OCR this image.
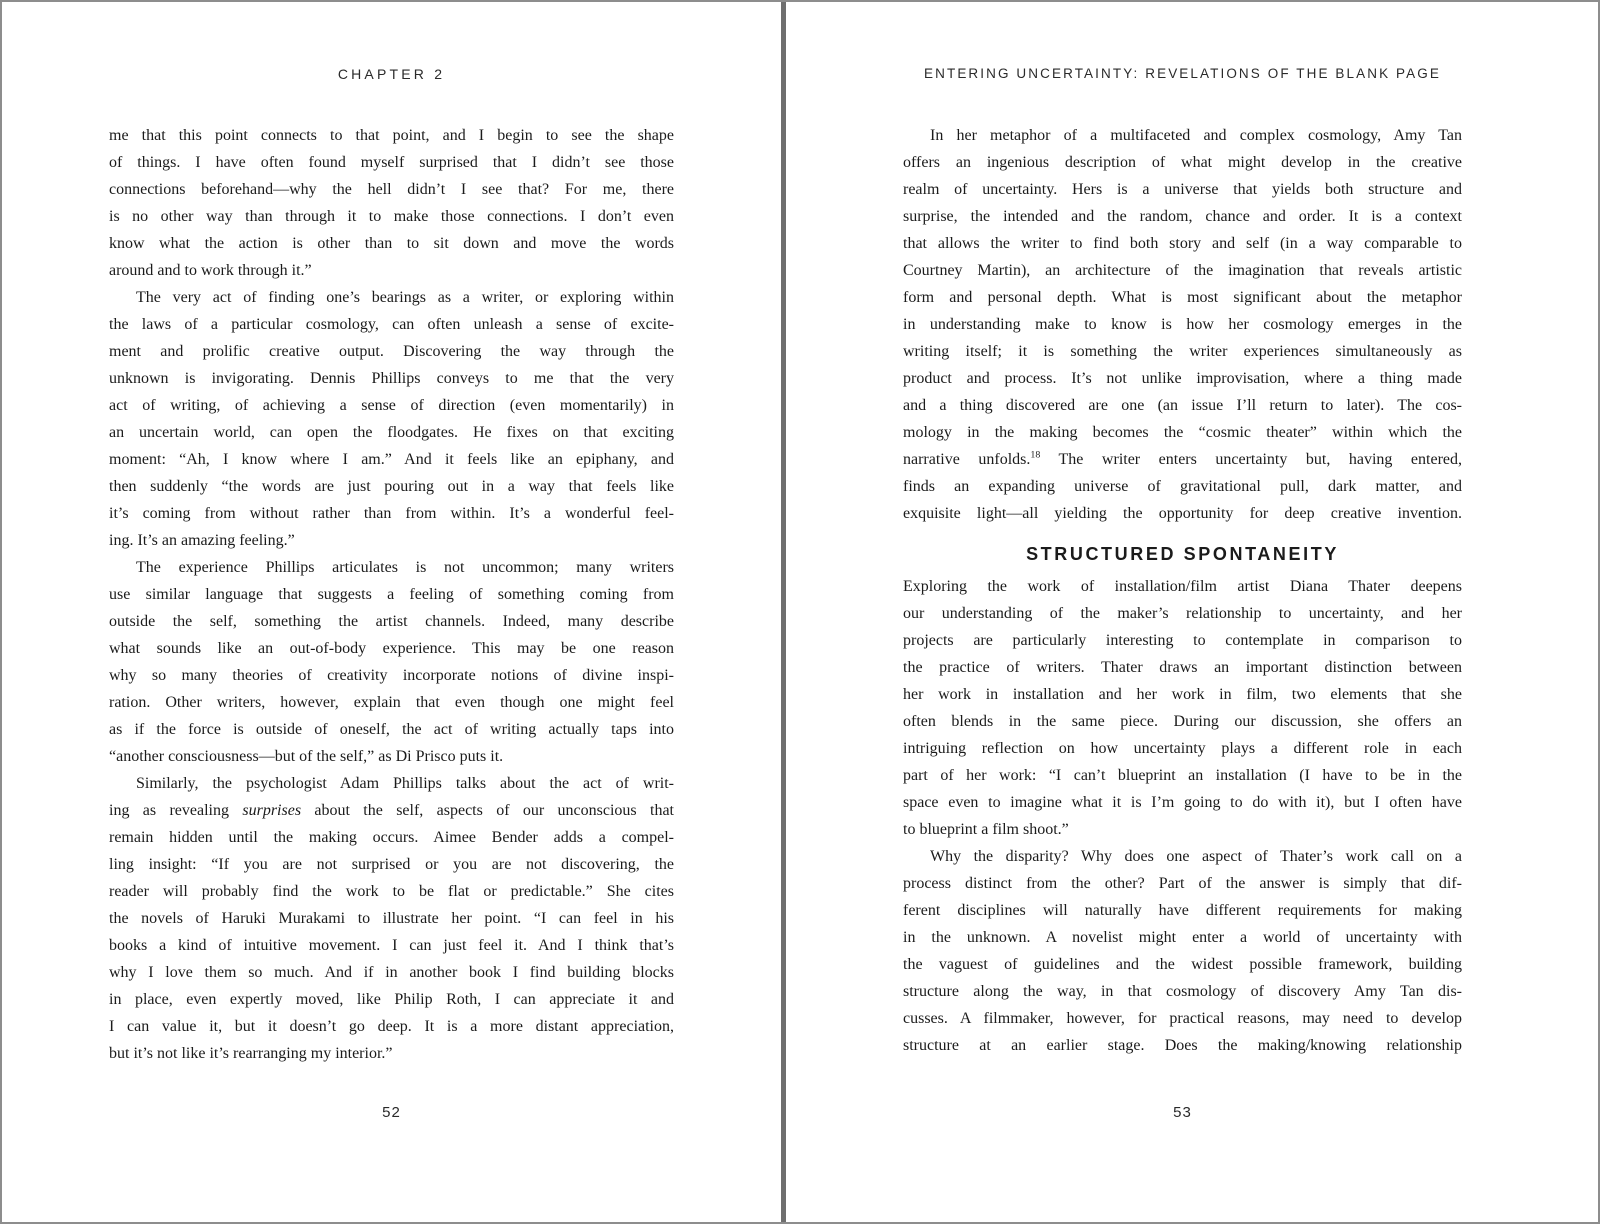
CHAPTER 2	ENTERING UNCERTAINTY: REVELATIONS OF THE BLANK PAGE
me that this point connects to that point, and I begin to see the shape
of things. I have often found myself surprised that I didn’t see those
connections beforehand—why the hell didn’t I see that? For me, there
is no other way than through it to make those connections. I don’t even
know what the action is other than to sit down and move the words
around and to work through it.”
The very act of finding one’s bearings as a writer, or exploring within
the laws of a particular cosmology, can often unleash a sense of excite-
ment and prolific creative output. Discovering the way through the
unknown is invigorating. Dennis Phillips conveys to me that the very
act of writing, of achieving a sense of direction (even momentarily) in
an uncertain world, can open the floodgates. He fixes on that exciting
moment: “Ah, I know where I am.” And it feels like an epiphany, and
then suddenly “the words are just pouring out in a way that feels like
it’s coming from without rather than from within. It’s a wonderful feel-
ing. It’s an amazing feeling.”
The experience Phillips articulates is not uncommon; many writers
use similar language that suggests a feeling of something coming from
outside the self, something the artist channels. Indeed, many describe
what sounds like an out-of-body experience. This may be one reason
why so many theories of creativity incorporate notions of divine inspi-
ration. Other writers, however, explain that even though one might feel
as if the force is outside of oneself, the act of writing actually taps into
“another consciousness—but of the self,” as Di Prisco puts it.
Similarly, the psychologist Adam Phillips talks about the act of writ-
ing as revealing surprises about the self, aspects of our unconscious that
remain hidden until the making occurs. Aimee Bender adds a compel-
ling insight: “If you are not surprised or you are not discovering, the
reader will probably find the work to be flat or predictable.” She cites
the novels of Haruki Murakami to illustrate her point. “I can feel in his
books a kind of intuitive movement. I can just feel it. And I think that’s
why I love them so much. And if in another book I find building blocks
in place, even expertly moved, like Philip Roth, I can appreciate it and
I can value it, but it doesn’t go deep. It is a more distant appreciation,
but it’s not like it’s rearranging my interior.”
In her metaphor of a multifaceted and complex cosmology, Amy Tan
offers an ingenious description of what might develop in the creative
realm of uncertainty. Hers is a universe that yields both structure and
surprise, the intended and the random, chance and order. It is a context
that allows the writer to find both story and self (in a way comparable to
Courtney Martin), an architecture of the imagination that reveals artistic
form and personal depth. What is most significant about the metaphor
in understanding make to know is how her cosmology emerges in the
writing itself; it is something the writer experiences simultaneously as
product and process. It’s not unlike improvisation, where a thing made
and a thing discovered are one (an issue I’ll return to later). The cos-
mology in the making becomes the “cosmic theater” within which the
narrative unfolds.$^{18}$ The writer enters uncertainty but, having entered,
finds an expanding universe of gravitational pull, dark matter, and
exquisite light—all yielding the opportunity for deep creative invention.
STRUCTURED SPONTANEITY
Exploring the work of installation/film artist Diana Thater deepens
our understanding of the maker’s relationship to uncertainty, and her
projects are particularly interesting to contemplate in comparison to
the practice of writers. Thater draws an important distinction between
her work in installation and her work in film, two elements that she
often blends in the same piece. During our discussion, she offers an
intriguing reflection on how uncertainty plays a different role in each
part of her work: “I can’t blueprint an installation (I have to be in the
space even to imagine what it is I’m going to do with it), but I often have
to blueprint a film shoot.”
Why the disparity? Why does one aspect of Thater’s work call on a
process distinct from the other? Part of the answer is simply that dif-
ferent disciplines will naturally have different requirements for making
in the unknown. A novelist might enter a world of uncertainty with
the vaguest of guidelines and the widest possible framework, building
structure along the way, in that cosmology of discovery Amy Tan dis-
cusses. A filmmaker, however, for practical reasons, may need to develop
structure at an earlier stage. Does the making/knowing relationship
52	53
